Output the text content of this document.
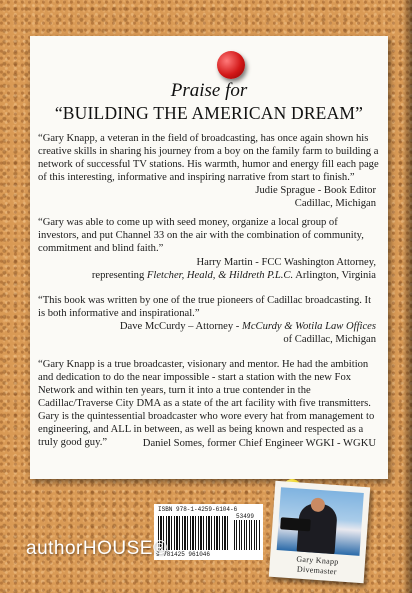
Praise for
“BUILDING THE AMERICAN DREAM”
“Gary Knapp, a veteran in the field of broadcasting, has once again shown his creative skills in sharing his journey from a boy on the family farm to building a network of successful TV stations. His warmth, humor and energy fill each page of this interesting, informative and inspiring narrative from start to finish.”
Judie Sprague - Book Editor
Cadillac, Michigan
“Gary was able to come up with seed money, organize a local group of investors, and put Channel 33 on the air with the combination of community, commitment and blind faith.”
Harry Martin - FCC Washington Attorney,
representing Fletcher, Heald, & Hildreth P.L.C. Arlington, Virginia
“This book was written by one of the true pioneers of Cadillac broadcasting. It is both informative and inspirational.”
Dave McCurdy – Attorney - McCurdy & Wotila Law Offices
of Cadillac, Michigan
“Gary Knapp is a true broadcaster, visionary and mentor. He had the ambition and dedication to do the near impossible - start a station with the new Fox Network and within ten years, turn it into a true contender in the Cadillac/Traverse City DMA as a state of the art facility with five transmitters. Gary is the quintessential broadcaster who wore every hat from management to engineering, and ALL in between, as well as being known and respected as a truly good guy.”	Daniel Somes, former Chief Engineer WGKI - WGKU
Gary Knapp
Divemaster
ISBN 978-1-4259-6104-6
53499
9 781425 961046
authorHOUSE®
